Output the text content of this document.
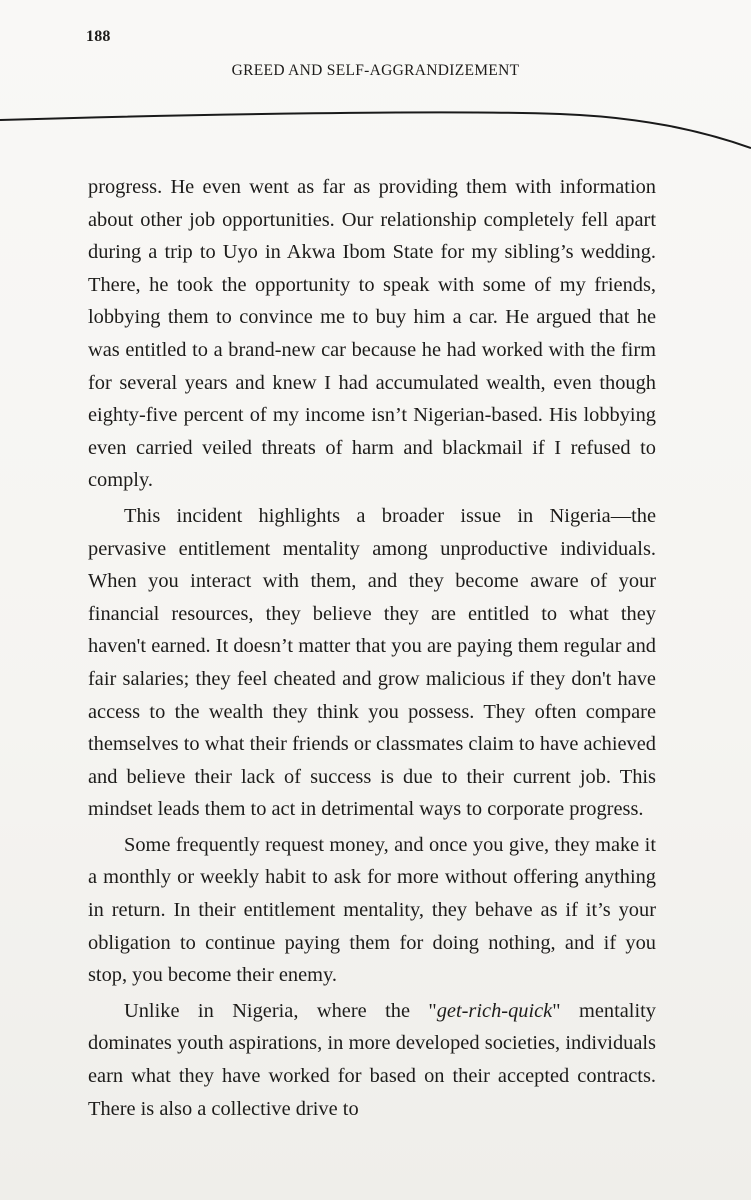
188
GREED AND SELF-AGGRANDIZEMENT

progress. He even went as far as providing them with information about other job opportunities. Our relationship completely fell apart during a trip to Uyo in Akwa Ibom State for my sibling’s wedding. There, he took the opportunity to speak with some of my friends, lobbying them to convince me to buy him a car. He argued that he was entitled to a brand-new car because he had worked with the firm for several years and knew I had accumulated wealth, even though eighty-five percent of my income isn’t Nigerian-based. His lobbying even carried veiled threats of harm and blackmail if I refused to comply.

This incident highlights a broader issue in Nigeria—the pervasive entitlement mentality among unproductive individuals. When you interact with them, and they become aware of your financial resources, they believe they are entitled to what they haven't earned. It doesn’t matter that you are paying them regular and fair salaries; they feel cheated and grow malicious if they don't have access to the wealth they think you possess. They often compare themselves to what their friends or classmates claim to have achieved and believe their lack of success is due to their current job. This mindset leads them to act in detrimental ways to corporate progress.

Some frequently request money, and once you give, they make it a monthly or weekly habit to ask for more without offering anything in return. In their entitlement mentality, they behave as if it’s your obligation to continue paying them for doing nothing, and if you stop, you become their enemy.

Unlike in Nigeria, where the "get-rich-quick" mentality dominates youth aspirations, in more developed societies, individuals earn what they have worked for based on their accepted contracts. There is also a collective drive to
